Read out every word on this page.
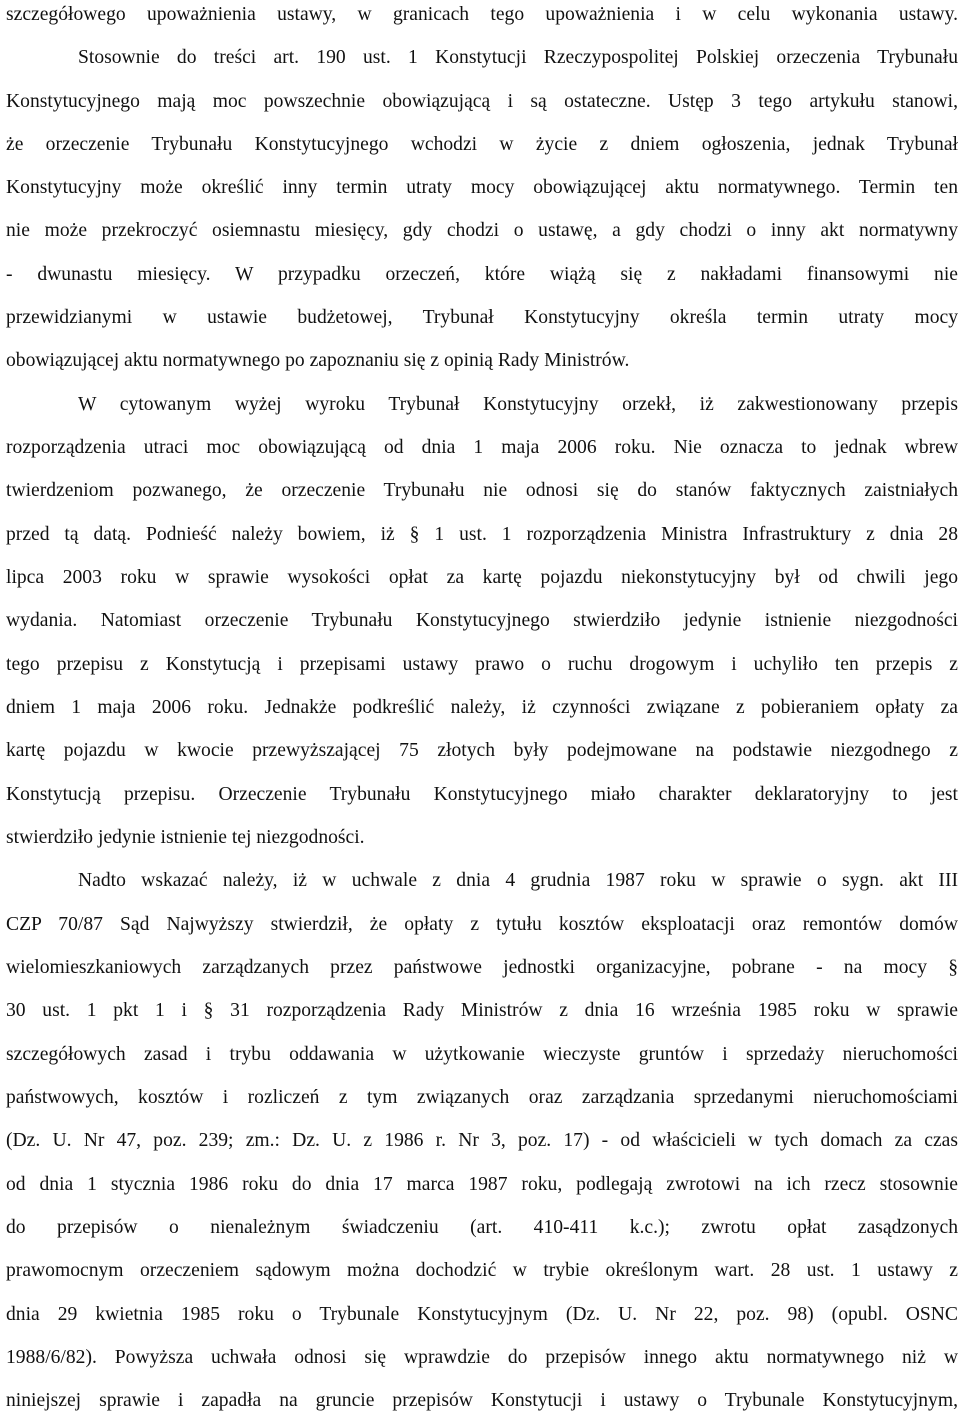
szczegółowego upoważnienia ustawy, w granicach tego upoważnienia i w celu wykonania ustawy.
Stosownie do treści art. 190 ust. 1 Konstytucji Rzeczypospolitej Polskiej orzeczenia Trybunału
Konstytucyjnego mają moc powszechnie obowiązującą i są ostateczne. Ustęp 3 tego artykułu stanowi,
że orzeczenie Trybunału Konstytucyjnego wchodzi w życie z dniem ogłoszenia, jednak Trybunał
Konstytucyjny może określić inny termin utraty mocy obowiązującej aktu normatywnego. Termin ten
nie może przekroczyć osiemnastu miesięcy, gdy chodzi o ustawę, a gdy chodzi o inny akt normatywny
- dwunastu miesięcy. W przypadku orzeczeń, które wiążą się z nakładami finansowymi nie
przewidzianymi w ustawie budżetowej, Trybunał Konstytucyjny określa termin utraty mocy
obowiązującej aktu normatywnego po zapoznaniu się z opinią Rady Ministrów.
W cytowanym wyżej wyroku Trybunał Konstytucyjny orzekł, iż zakwestionowany przepis
rozporządzenia utraci moc obowiązującą od dnia 1 maja 2006 roku. Nie oznacza to jednak wbrew
twierdzeniom pozwanego, że orzeczenie Trybunału nie odnosi się do stanów faktycznych zaistniałych
przed tą datą. Podnieść należy bowiem, iż § 1 ust. 1 rozporządzenia Ministra Infrastruktury z dnia 28
lipca 2003 roku w sprawie wysokości opłat za kartę pojazdu niekonstytucyjny był od chwili jego
wydania. Natomiast orzeczenie Trybunału Konstytucyjnego stwierdziło jedynie istnienie niezgodności
tego przepisu z Konstytucją i przepisami ustawy prawo o ruchu drogowym i uchyliło ten przepis z
dniem 1 maja 2006 roku. Jednakże podkreślić należy, iż czynności związane z pobieraniem opłaty za
kartę pojazdu w kwocie przewyższającej 75 złotych były podejmowane na podstawie niezgodnego z
Konstytucją przepisu. Orzeczenie Trybunału Konstytucyjnego miało charakter deklaratoryjny to jest
stwierdziło jedynie istnienie tej niezgodności.
Nadto wskazać należy, iż w uchwale z dnia 4 grudnia 1987 roku w sprawie o sygn. akt III
CZP 70/87 Sąd Najwyższy stwierdził, że opłaty z tytułu kosztów eksploatacji oraz remontów domów
wielomieszkaniowych zarządzanych przez państwowe jednostki organizacyjne, pobrane - na mocy §
30 ust. 1 pkt 1 i § 31 rozporządzenia Rady Ministrów z dnia 16 września 1985 roku w sprawie
szczegółowych zasad i trybu oddawania w użytkowanie wieczyste gruntów i sprzedaży nieruchomości
państwowych, kosztów i rozliczeń z tym związanych oraz zarządzania sprzedanymi nieruchomościami
(Dz. U. Nr 47, poz. 239; zm.: Dz. U. z 1986 r. Nr 3, poz. 17) - od właścicieli w tych domach za czas
od dnia 1 stycznia 1986 roku do dnia 17 marca 1987 roku, podlegają zwrotowi na ich rzecz stosownie
do przepisów o nienależnym świadczeniu (art. 410-411 k.c.); zwrotu opłat zasądzonych
prawomocnym orzeczeniem sądowym można dochodzić w trybie określonym wart. 28 ust. 1 ustawy z
dnia 29 kwietnia 1985 roku o Trybunale Konstytucyjnym (Dz. U. Nr 22, poz. 98) (opubl. OSNC
1988/6/82). Powyższa uchwała odnosi się wprawdzie do przepisów innego aktu normatywnego niż w
niniejszej sprawie i zapadła na gruncie przepisów Konstytucji i ustawy o Trybunale Konstytucyjnym,
